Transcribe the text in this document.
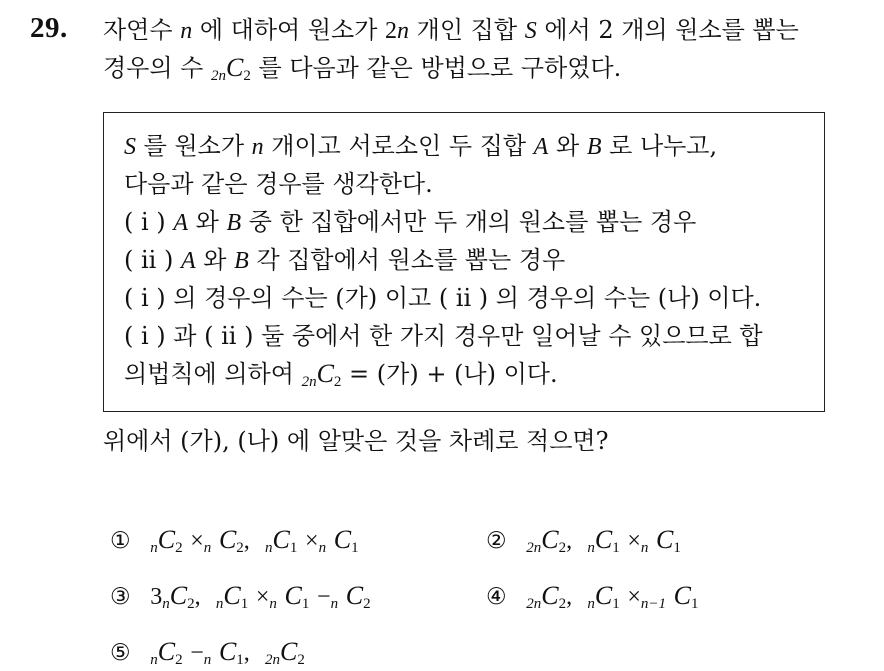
29. 자연수 n 에 대하여 원소가 2n 개인 집합 S 에서 2 개의 원소를 뽑는
경우의 수 $_{2n}C_2$ 를 다음과 같은 방법으로 구하였다.
S 를 원소가 n 개이고 서로소인 두 집합 A 와 B 로 나누고,
다음과 같은 경우를 생각한다.
( i ) A 와 B 중 한 집합에서만 두 개의 원소를 뽑는 경우
( ii ) A 와 B 각 집합에서 원소를 뽑는 경우
( i ) 의 경우의 수는 (가) 이고 ( ii ) 의 경우의 수는 (나) 이다.
( i ) 과 ( ii ) 둘 중에서 한 가지 경우만 일어날 수 있으므로 합
의법칙에 의하여 $_{2n}C_2$ = (가) + (나) 이다.
위에서 (가), (나) 에 알맞은 것을 차례로 적으면?
① $_nC_2 \times_n$ $C_2$, $_nC_1 \times_n$ $C_1$	② $_{2n}C_2$, $_nC_1 \times_n$ $C_1$
③ $3_nC_2$, $_nC_1 \times_n$ $C_1 -_n$ $C_2$	④ $_{2n}C_2$, $_nC_1 \times_{n-1}$ $C_1$
⑤ $_nC_2 -_n$ $C_1$, $_{2n}C_2$
